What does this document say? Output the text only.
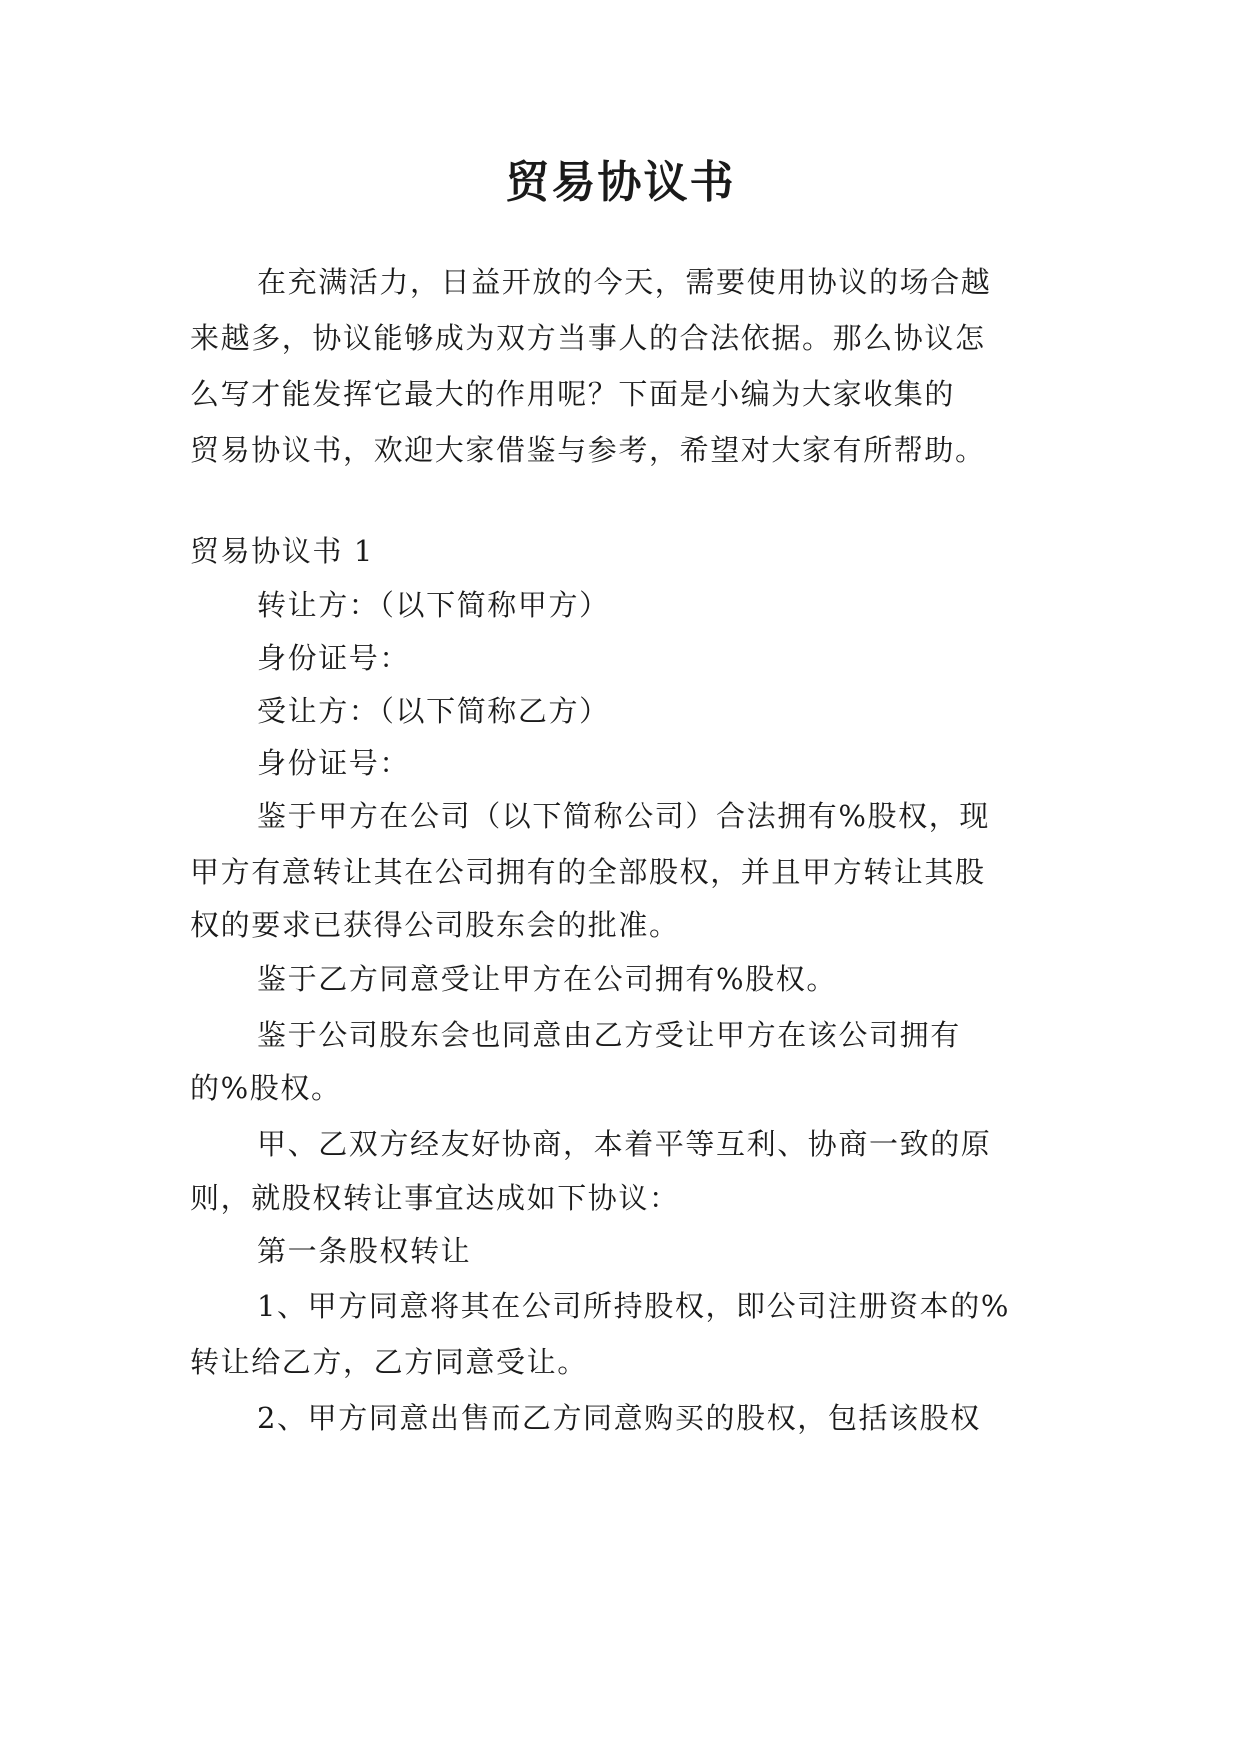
贸易协议书
在充满活力，日益开放的今天，需要使用协议的场合越
来越多，协议能够成为双方当事人的合法依据。那么协议怎
么写才能发挥它最大的作用呢？下面是小编为大家收集的
贸易协议书，欢迎大家借鉴与参考，希望对大家有所帮助。
贸易协议书 1
转让方：（以下简称甲方）
身份证号：
受让方：（以下简称乙方）
身份证号：
鉴于甲方在公司（以下简称公司）合法拥有%股权，现
甲方有意转让其在公司拥有的全部股权，并且甲方转让其股
权的要求已获得公司股东会的批准。
鉴于乙方同意受让甲方在公司拥有%股权。
鉴于公司股东会也同意由乙方受让甲方在该公司拥有
的%股权。
甲、乙双方经友好协商，本着平等互利、协商一致的原
则，就股权转让事宜达成如下协议：
第一条股权转让
1、甲方同意将其在公司所持股权，即公司注册资本的%
转让给乙方，乙方同意受让。
2、甲方同意出售而乙方同意购买的股权，包括该股权
